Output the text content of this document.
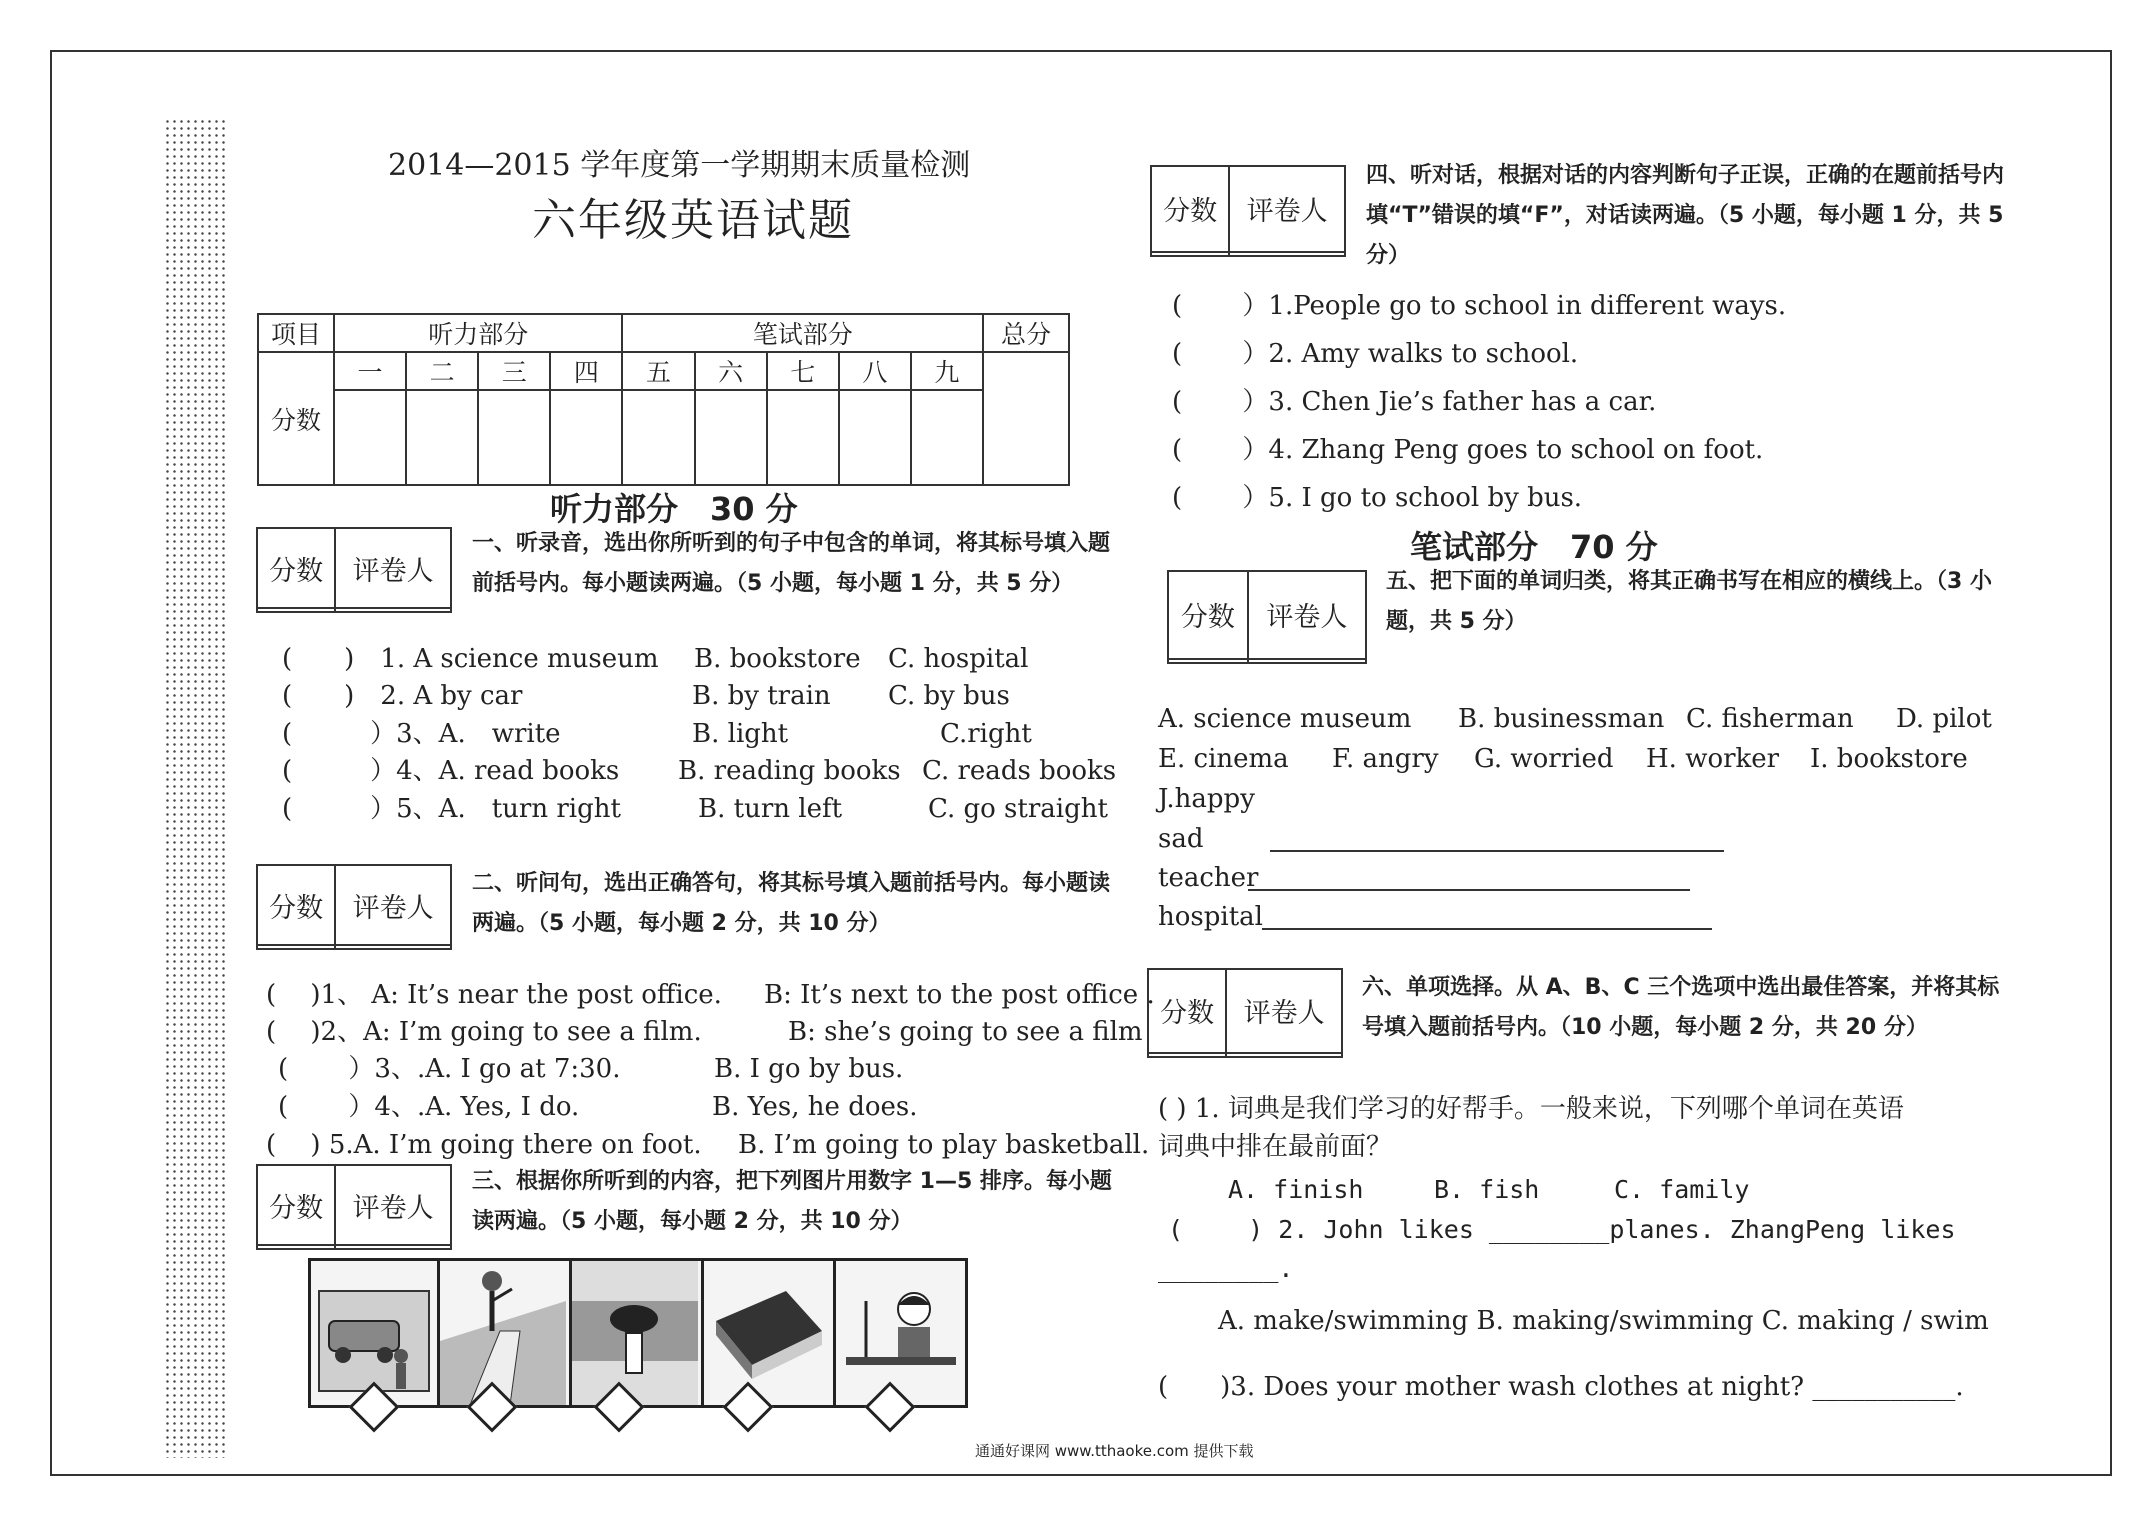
2014—2015 学年度第一学期期末质量检测
六年级英语试题
项目	听力部分				笔试部分					总分
分数	一	二	三	四	五	六	七	八	九	

听力部分　30 分
分数	评卷人

一、听录音，选出你所听到的句子中包含的单词，将其标号填入题前括号内。每小题读两遍。（5 小题，每小题 1 分，共 5 分）
(　　)　1. A science museum B. bookstore C. hospital
(　　)　2. A by car	B. by train C. by bus
(　　　）3、A.　write	B. light	C.right
(　　　）4、A. read books B. reading books C. reads books
(　　　）5、A.　turn right	B. turn left	C. go straight
分数	评卷人

二、听问句，选出正确答句，将其标号填入题前括号内。每小题读两遍。（5 小题，每小题 2 分，共 10 分）
(　 )1、 A: It’s near the post office. B: It’s next to the post office .
(　 )2、A: I’m going to see a film.	B: she’s going to see a film
(　　 ）3、.A. I go at 7:30.	B. I go by bus.
(　　 ）4、.A. Yes, I do.	B. Yes, he does.
(　 ) 5.A. I’m going there on foot. B. I’m going to play basketball.
分数	评卷人

三、根据你所听到的内容，把下列图片用数字 1—5 排序。每小题读两遍。（5 小题，每小题 2 分，共 10 分）
分数	评卷人

四、听对话，根据对话的内容判断句子正误，正确的在题前括号内填“T”错误的填“F”，对话读两遍。（5 小题，每小题 1 分，共 5 分）
(　　 ）1.People go to school in different ways.
(　　 ）2. Amy walks to school.
(　　 ）3. Chen Jie’s father has a car.
(　　 ）4. Zhang Peng goes to school on foot.
(　　 ）5. I go to school by bus.
笔试部分　70 分
分数	评卷人

五、把下面的单词归类，将其正确书写在相应的横线上。（3 小题，共 5 分）
A. science museum B. businessman C. fisherman D. pilot
E. cinema F. angry G. worried H. worker I. bookstore
J.happy
sad
teacher
hospital
分数	评卷人

六、单项选择。从 A、B、C 三个选项中选出最佳答案，并将其标号填入题前括号内。（10 小题，每小题 2 分，共 20 分）
( ) 1. 词典是我们学习的好帮手。一般来说，下列哪个单词在英语
词典中排在最前面？
A. finish	B. fish	C. family
(　　 ) 2. John likes ________planes. ZhangPeng likes
________.
A. make/swimming B. making/swimming C. making / swim
(　　)3. Does your mother wash clothes at night? ___________.
通通好课网 www.tthaoke.com 提供下载
